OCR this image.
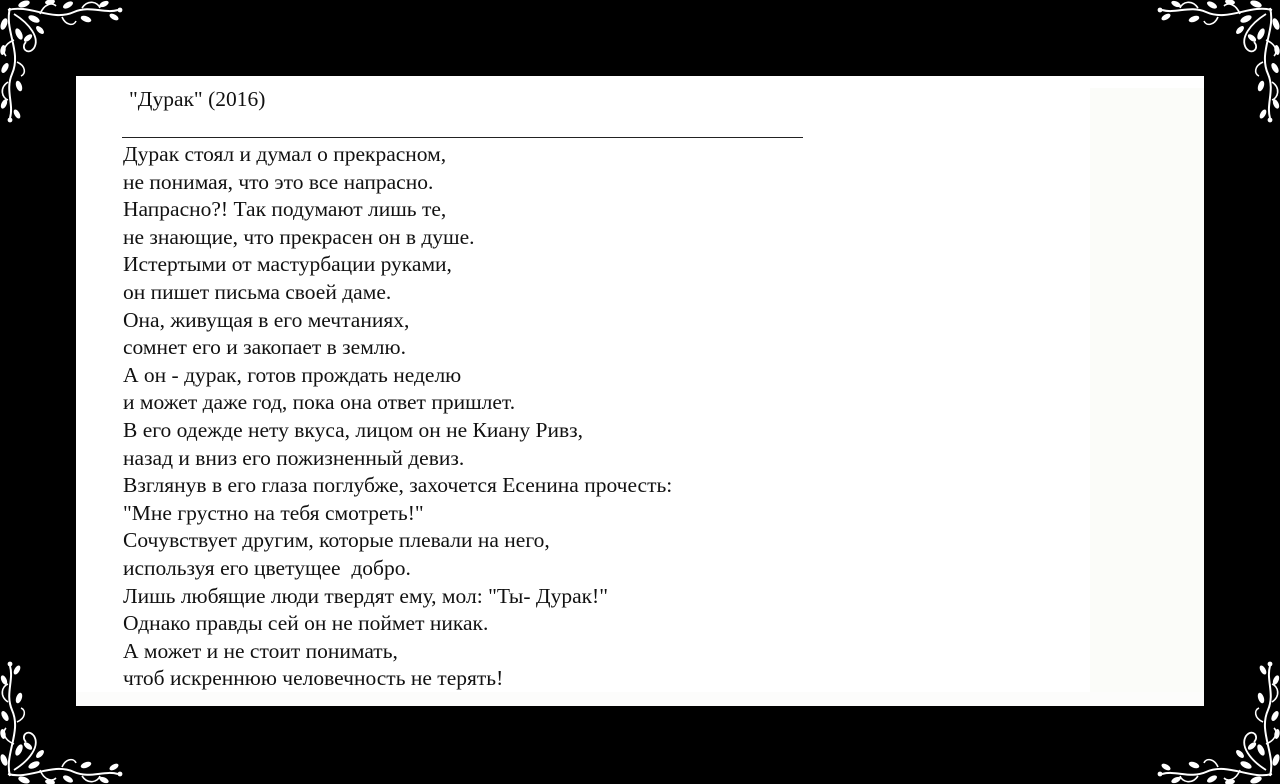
"Дурак" (2016)
Дурак стоял и думал о прекрасном,
не понимая, что это все напрасно.
Напрасно?! Так подумают лишь те,
не знающие, что прекрасен он в душе.
Истертыми от мастурбации руками,
он пишет письма своей даме.
Она, живущая в его мечтаниях,
сомнет его и закопает в землю.
А он - дурак, готов прождать неделю
и может даже год, пока она ответ пришлет.
В его одежде нету вкуса, лицом он не Киану Ривз,
назад и вниз его пожизненный девиз.
Взглянув в его глаза поглубже, захочется Есенина прочесть:
"Мне грустно на тебя смотреть!"
Сочувствует другим, которые плевали на него,
используя его цветущее  добро.
Лишь любящие люди твердят ему, мол: "Ты- Дурак!"
Однако правды сей он не поймет никак.
А может и не стоит понимать,
чтоб искреннюю человечность не терять!
